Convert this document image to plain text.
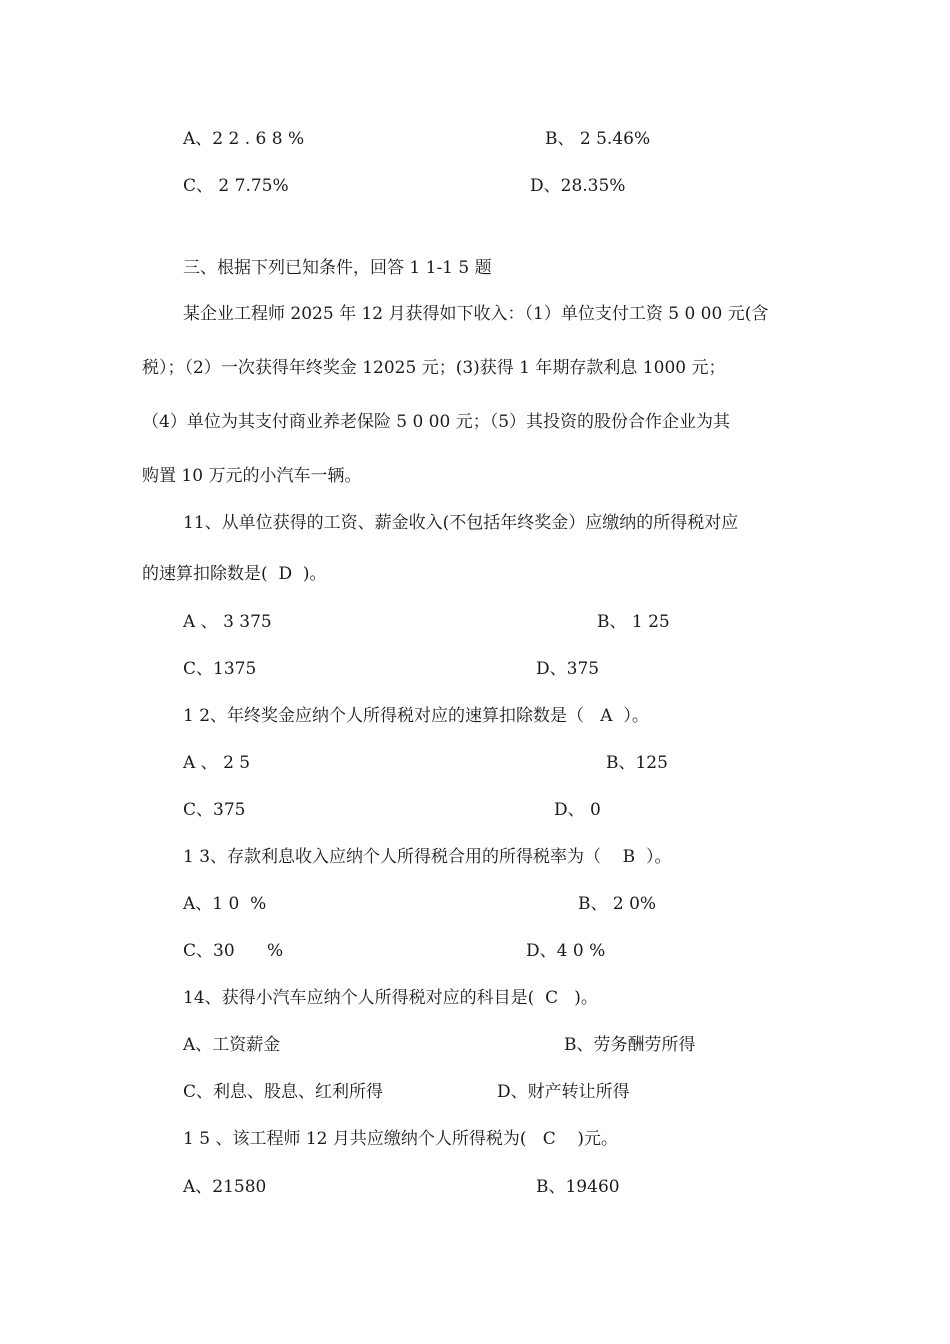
A、2 2 . 6 8 %	B、 2 5.46%
C、 2 7.75%	D、28.35%
三、根据下列已知条件，回答 1 1-1 5 题
某企业工程师 2025 年 12 月获得如下收入：（1）单位支付工资 5 0 00 元(含
税）；（2）一次获得年终奖金 12025 元；(3)获得 1 年期存款利息 1000 元；
（4）单位为其支付商业养老保险 5 0 00 元；（5）其投资的股份合作企业为其
购置 10 万元的小汽车一辆。
11、从单位获得的工资、薪金收入(不包括年终奖金）应缴纳的所得税对应
的速算扣除数是(  D  )。
A 、 3 375	B、 1 25
C、1375	D、375
1 2、年终奖金应纳个人所得税对应的速算扣除数是（   A  ）。
A 、 2 5	B、125
C、375	D、 0
1 3、存款利息收入应纳个人所得税合用的所得税率为（    B  ）。
A、1 0  %	B、 2 0%
C、30      %	D、4 0 %
14、获得小汽车应纳个人所得税对应的科目是(  C   )。
A、工资薪金	B、劳务酬劳所得
C、利息、股息、红利所得	D、财产转让所得
1 5 、该工程师 12 月共应缴纳个人所得税为(   C    )元。
A、21580	B、19460
